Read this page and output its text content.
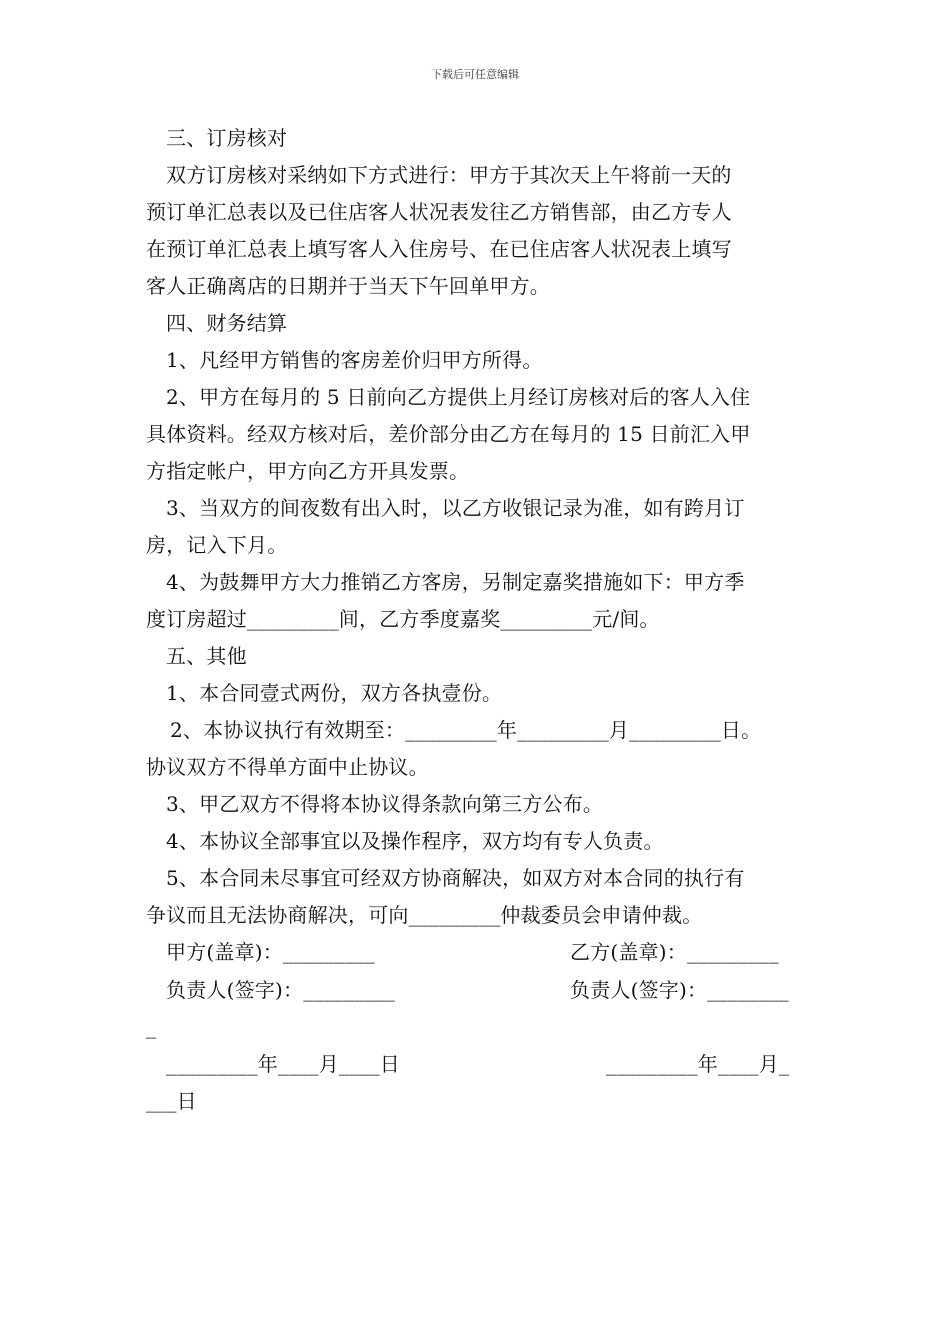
下载后可任意编辑
三、订房核对
双方订房核对采纳如下方式进行：甲方于其次天上午将前一天的
预订单汇总表以及已住店客人状况表发往乙方销售部，由乙方专人
在预订单汇总表上填写客人入住房号、在已住店客人状况表上填写
客人正确离店的日期并于当天下午回单甲方。
四、财务结算
1、凡经甲方销售的客房差价归甲方所得。
2、甲方在每月的 5 日前向乙方提供上月经订房核对后的客人入住
具体资料。经双方核对后，差价部分由乙方在每月的 15 日前汇入甲
方指定帐户，甲方向乙方开具发票。
3、当双方的间夜数有出入时，以乙方收银记录为准，如有跨月订
房，记入下月。
4、为鼓舞甲方大力推销乙方客房，另制定嘉奖措施如下：甲方季
度订房超过_________间，乙方季度嘉奖_________元/间。
五、其他
1、本合同壹式两份，双方各执壹份。
2、本协议执行有效期至：_________年_________月_________日。
协议双方不得单方面中止协议。
3、甲乙双方不得将本协议得条款向第三方公布。
4、本协议全部事宜以及操作程序，双方均有专人负责。
5、本合同未尽事宜可经双方协商解决，如双方对本合同的执行有
争议而且无法协商解决，可向_________仲裁委员会申请仲裁。
甲方(盖章)：_________	乙方(盖章)：_________
负责人(签字)：_________	负责人(签字)：________
_
_________年____月____日	_________年____月_
___日
